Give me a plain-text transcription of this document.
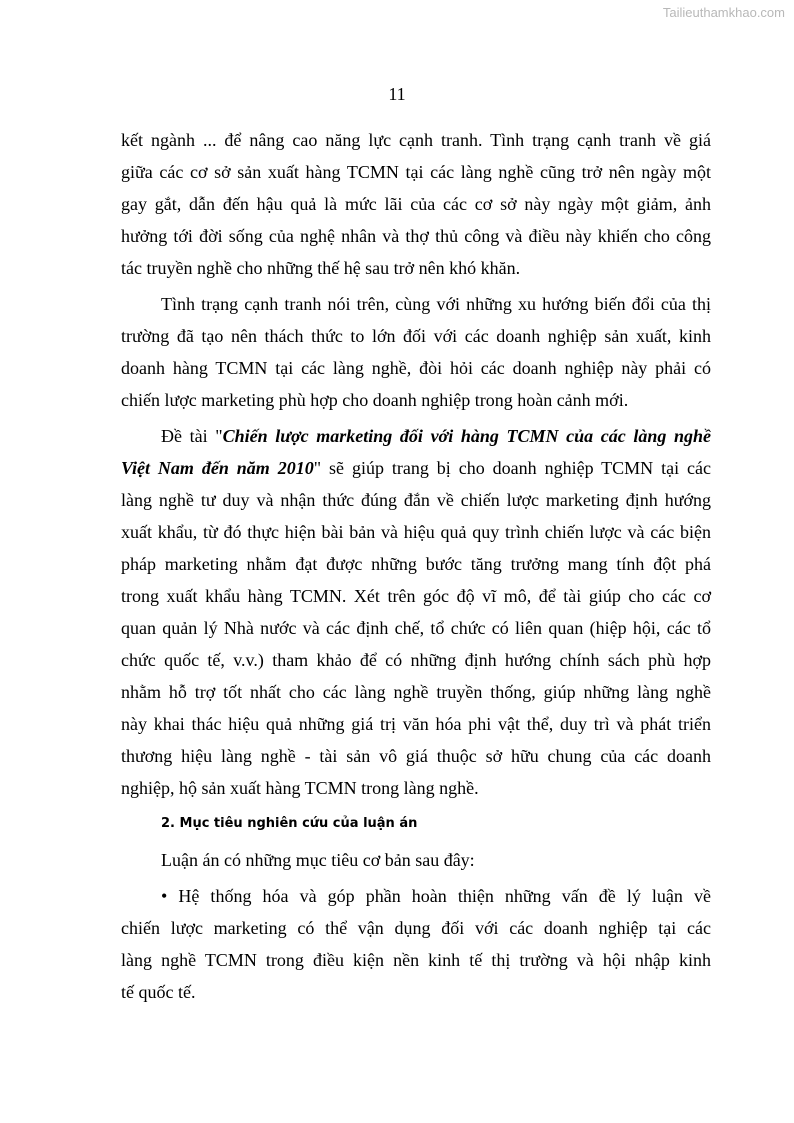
Tailieuthamkhao.com
11
kết ngành ... để nâng cao năng lực cạnh tranh. Tình trạng cạnh tranh về giá
giữa các cơ sở sản xuất hàng TCMN tại các làng nghề cũng trở nên ngày một
gay gắt, dẫn đến hậu quả là mức lãi của các cơ sở này ngày một giảm, ảnh
hưởng tới đời sống của nghệ nhân và thợ thủ công và điều này khiến cho công
tác truyền nghề cho những thế hệ sau trở nên khó khăn.
Tình trạng cạnh tranh nói trên, cùng với những xu hướng biến đổi của thị
trường đã tạo nên thách thức to lớn đối với các doanh nghiệp sản xuất, kinh
doanh hàng TCMN tại các làng nghề, đòi hỏi các doanh nghiệp này phải có
chiến lược marketing phù hợp cho doanh nghiệp trong hoàn cảnh mới.
Đề tài "Chiến lược marketing đối với hàng TCMN của các làng nghề
Việt Nam đến năm 2010" sẽ giúp trang bị cho doanh nghiệp TCMN tại các
làng nghề tư duy và nhận thức đúng đắn về chiến lược marketing định hướng
xuất khẩu, từ đó thực hiện bài bản và hiệu quả quy trình chiến lược và các biện
pháp marketing nhằm đạt được những bước tăng trưởng mang tính đột phá
trong xuất khẩu hàng TCMN. Xét trên góc độ vĩ mô, để tài giúp cho các cơ
quan quản lý Nhà nước và các định chế, tổ chức có liên quan (hiệp hội, các tổ
chức quốc tế, v.v.) tham khảo để có những định hướng chính sách phù hợp
nhằm hỗ trợ tốt nhất cho các làng nghề truyền thống, giúp những làng nghề
này khai thác hiệu quả những giá trị văn hóa phi vật thể, duy trì và phát triển
thương hiệu làng nghề - tài sản vô giá thuộc sở hữu chung của các doanh
nghiệp, hộ sản xuất hàng TCMN trong làng nghề.
2. Mục tiêu nghiên cứu của luận án
Luận án có những mục tiêu cơ bản sau đây:
• Hệ thống hóa và góp phần hoàn thiện những vấn đề lý luận về
chiến lược marketing có thể vận dụng đối với các doanh nghiệp tại các
làng nghề TCMN trong điều kiện nền kinh tế thị trường và hội nhập kinh
tế quốc tế.
